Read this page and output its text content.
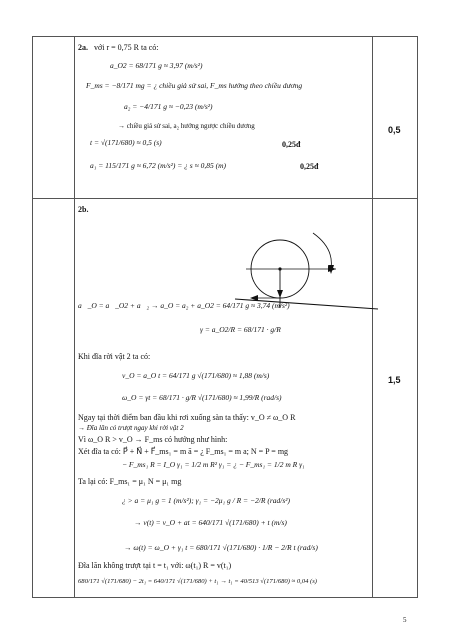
2a. với r = 0,75 R ta có:
a_O2 = 68/171 g ≈ 3,97 (m/s²)
F_ms = −8/171 mg = ¿ chiều giả sử sai, F_ms hướng theo chiều dương
a₂ = −4/171 g ≈ −0,23 (m/s²)
→ chiều giả sử sai, a₂ hướng ngược chiều dương
t = √(171/680) ≈ 0,5 (s)	0,25đ
a₁ = 115/171 g ≈ 6,72 (m/s²) = ¿ s ≈ 0,85 (m)	0,25đ
0,5
2b.
a⃗_O = a⃗_O2 + a⃗₂ → a_O = a₂ + a_O2 = 64/171 g ≈ 3,74 (m/s²)
γ = a_O2/R = 68/171 · g/R
Khi đĩa rời vật 2 ta có:
v_O = a_O t = 64/171 g √(171/680) ≈ 1,88 (m/s)
ω_O = γt = 68/171 · g/R √(171/680) ≈ 1,99/R (rad/s)
Ngay tại thời điểm ban đầu khi rơi xuống sàn ta thấy: v_O ≠ ω_O R
→ Đĩa lăn có trượt ngay khi rời vật 2
Vì ω_O R > v_O → F_ms có hướng như hình:
Xét đĩa ta có: P⃗ + N⃗ + F⃗_ms₁ = m ā = ¿ F_ms₁ = m a; N = P = mg
− F_ms₁ R = I_O γ₁ = 1/2 m R² γ₁ = ¿ − F_ms₁ = 1/2 m R γ₁
Ta lại có: F_ms₁ = μ₁ N = μ₁ mg
¿ > a = μ₁ g = 1 (m/s²); γ₁ = −2μ₁ g / R = −2/R (rad/s²)
→ v(t) = v_O + at = 640/171 √(171/680) + t (m/s)
→ ω(t) = ω_O + γ₁ t = 680/171 √(171/680) · 1/R − 2/R t (rad/s)
Đĩa lăn không trượt tại t = t₁ với: ω(t₁) R = v(t₁)
680/171 √(171/680) − 2t₁ = 640/171 √(171/680) + t₁ → t₁ = 40/513 √(171/680) ≈ 0,04 (s)
1,5
5
